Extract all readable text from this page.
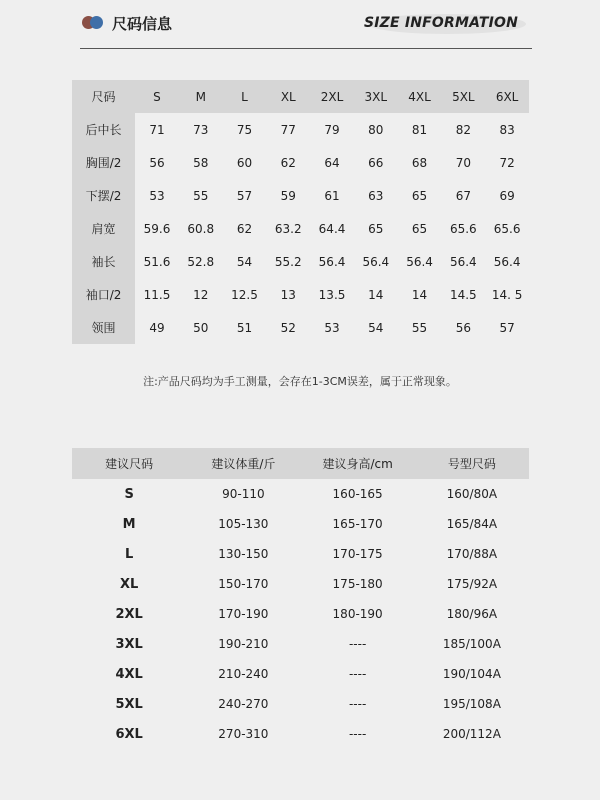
尺码信息	SIZE INFORMATION
尺码	S	M	L	XL	2XL	3XL	4XL	5XL	6XL
后中长	71	73	75	77	79	80	81	82	83
胸围/2	56	58	60	62	64	66	68	70	72
下摆/2	53	55	57	59	61	63	65	67	69
肩宽	59.6	60.8	62	63.2	64.4	65	65	65.6	65.6
袖长	51.6	52.8	54	55.2	56.4	56.4	56.4	56.4	56.4
袖口/2	11.5	12	12.5	13	13.5	14	14	14.5	14. 5
领围	49	50	51	52	53	54	55	56	57
注:产品尺码均为手工测量，会存在1-3CM误差，属于正常现象。
建议尺码	建议体重/斤	建议身高/cm	号型尺码
S	90-110	160-165	160/80A
M	105-130	165-170	165/84A
L	130-150	170-175	170/88A
XL	150-170	175-180	175/92A
2XL	170-190	180-190	180/96A
3XL	190-210	----	185/100A
4XL	210-240	----	190/104A
5XL	240-270	----	195/108A
6XL	270-310	----	200/112A
